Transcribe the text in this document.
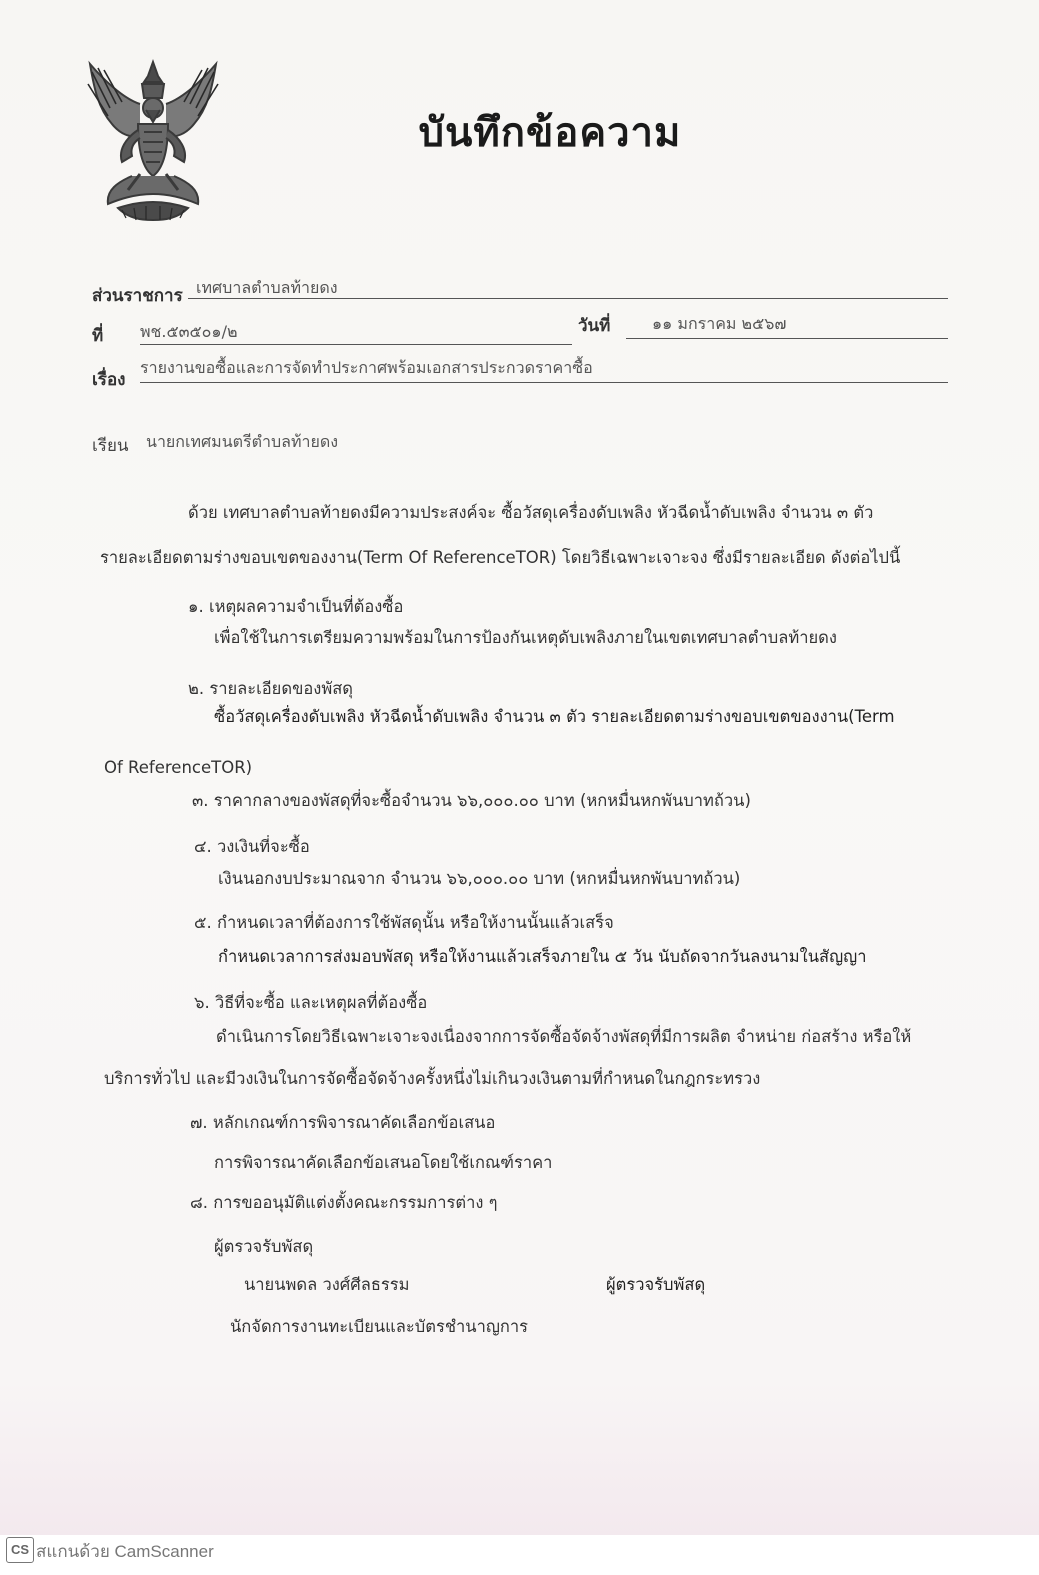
บันทึกข้อความ
ส่วนราชการ เทศบาลตำบลท้ายดง
ที่ พช.๕๓๕๐๑/๒	วันที่	๑๑ มกราคม ๒๕๖๗
เรื่อง
รายงานขอซื้อและการจัดทำประกาศพร้อมเอกสารประกวดราคาซื้อ
เรียน นายกเทศมนตรีตำบลท้ายดง
ด้วย เทศบาลตำบลท้ายดงมีความประสงค์จะ ซื้อวัสดุเครื่องดับเพลิง หัวฉีดน้ำดับเพลิง จำนวน ๓ ตัว
รายละเอียดตามร่างขอบเขตของงาน(Term Of ReferenceTOR) โดยวิธีเฉพาะเจาะจง ซึ่งมีรายละเอียด ดังต่อไปนี้
๑. เหตุผลความจำเป็นที่ต้องซื้อ
เพื่อใช้ในการเตรียมความพร้อมในการป้องกันเหตุดับเพลิงภายในเขตเทศบาลตำบลท้ายดง
๒. รายละเอียดของพัสดุ
ซื้อวัสดุเครื่องดับเพลิง หัวฉีดน้ำดับเพลิง จำนวน ๓ ตัว รายละเอียดตามร่างขอบเขตของงาน(Term
Of ReferenceTOR)
๓. ราคากลางของพัสดุที่จะซื้อจำนวน ๖๖,๐๐๐.๐๐ บาท (หกหมื่นหกพันบาทถ้วน)
๔. วงเงินที่จะซื้อ
เงินนอกงบประมาณจาก จำนวน ๖๖,๐๐๐.๐๐ บาท (หกหมื่นหกพันบาทถ้วน)
๕. กำหนดเวลาที่ต้องการใช้พัสดุนั้น หรือให้งานนั้นแล้วเสร็จ
กำหนดเวลาการส่งมอบพัสดุ หรือให้งานแล้วเสร็จภายใน ๕ วัน นับถัดจากวันลงนามในสัญญา
๖. วิธีที่จะซื้อ และเหตุผลที่ต้องซื้อ
ดำเนินการโดยวิธีเฉพาะเจาะจงเนื่องจากการจัดซื้อจัดจ้างพัสดุที่มีการผลิต จำหน่าย ก่อสร้าง หรือให้
บริการทั่วไป และมีวงเงินในการจัดซื้อจัดจ้างครั้งหนึ่งไม่เกินวงเงินตามที่กำหนดในกฎกระทรวง
๗. หลักเกณฑ์การพิจารณาคัดเลือกข้อเสนอ
การพิจารณาคัดเลือกข้อเสนอโดยใช้เกณฑ์ราคา
๘. การขออนุมัติแต่งตั้งคณะกรรมการต่าง ๆ
ผู้ตรวจรับพัสดุ
นายนพดล วงศ์ศีลธรรม	ผู้ตรวจรับพัสดุ
นักจัดการงานทะเบียนและบัตรชำนาญการ
CS สแกนด้วย CamScanner
